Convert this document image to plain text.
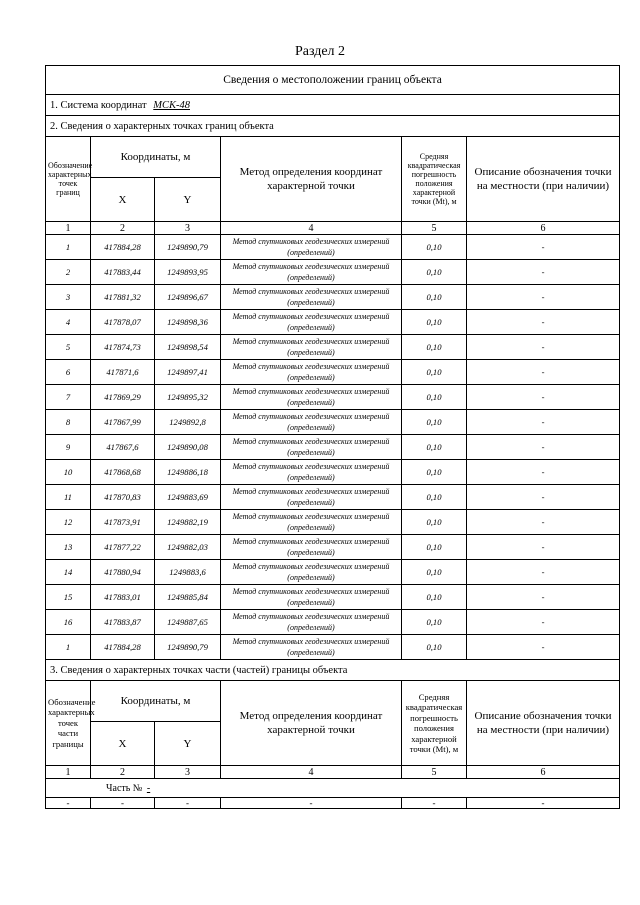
Раздел 2
Сведения о местоположении границ объекта					
1. Система координат МСК-48					
2. Сведения о характерных точках границ объекта					
Обозначение характерных точек границ	Координаты, м		Метод определения координат характерной точки	Средняя квадратическая погрешность положения характерной точки (Mt), м	Описание обозначения точки на местности (при наличии)
	X	Y			
1	2	3	4	5	6
1	417884,28	1249890,79	Метод спутниковых геодезических измерений (определений)	0,10	-
2	417883,44	1249893,95	Метод спутниковых геодезических измерений (определений)	0,10	-
3	417881,32	1249896,67	Метод спутниковых геодезических измерений (определений)	0,10	-
4	417878,07	1249898,36	Метод спутниковых геодезических измерений (определений)	0,10	-
5	417874,73	1249898,54	Метод спутниковых геодезических измерений (определений)	0,10	-
6	417871,6	1249897,41	Метод спутниковых геодезических измерений (определений)	0,10	-
7	417869,29	1249895,32	Метод спутниковых геодезических измерений (определений)	0,10	-
8	417867,99	1249892,8	Метод спутниковых геодезических измерений (определений)	0,10	-
9	417867,6	1249890,08	Метод спутниковых геодезических измерений (определений)	0,10	-
10	417868,68	1249886,18	Метод спутниковых геодезических измерений (определений)	0,10	-
11	417870,83	1249883,69	Метод спутниковых геодезических измерений (определений)	0,10	-
12	417873,91	1249882,19	Метод спутниковых геодезических измерений (определений)	0,10	-
13	417877,22	1249882,03	Метод спутниковых геодезических измерений (определений)	0,10	-
14	417880,94	1249883,6	Метод спутниковых геодезических измерений (определений)	0,10	-
15	417883,01	1249885,84	Метод спутниковых геодезических измерений (определений)	0,10	-
16	417883,87	1249887,65	Метод спутниковых геодезических измерений (определений)	0,10	-
1	417884,28	1249890,79	Метод спутниковых геодезических измерений (определений)	0,10	-
3. Сведения о характерных точках части (частей) границы объекта					
Обозначение характерных точек части границы	Координаты, м		Метод определения координат характерной точки	Средняя квадратическая погрешность положения характерной точки (Mt), м	Описание обозначения точки на местности (при наличии)
	X	Y			
1	2	3	4	5	6
Часть № -					
-	-	-	-	-	-
